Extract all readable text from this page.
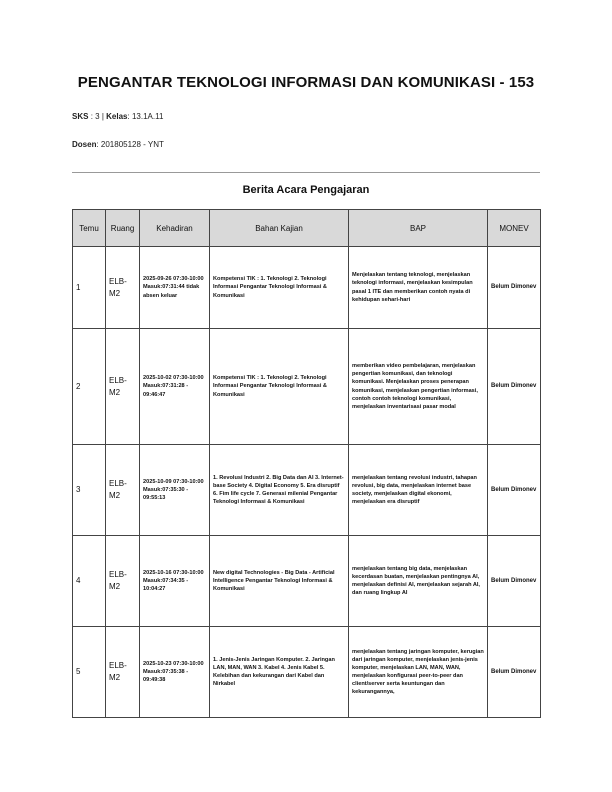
PENGANTAR TEKNOLOGI INFORMASI DAN KOMUNIKASI - 153
SKS : 3 | Kelas: 13.1A.11
Dosen: 201805128 - YNT
Berita Acara Pengajaran
Temu	Ruang	Kehadiran	Bahan Kajian	BAP	MONEV
1	ELB-M2	2025-09-26 07:30-10:00 Masuk:07:31:44 tidak absen keluar	Kompetensi TIK : 1. Teknologi 2. Teknologi Informasi Pengantar Teknologi Informasi & Komunikasi	Menjelaskan tentang teknologi, menjelaskan teknologi informasi, menjelaskan kesimpulan pasal 1 ITE dan memberikan contoh nyata di kehidupan sehari-hari	Belum Dimonev
2	ELB-M2	2025-10-02 07:30-10:00 Masuk:07:31:28 - 09:46:47	Kompetensi TIK : 1. Teknologi 2. Teknologi Informasi Pengantar Teknologi Informasi & Komunikasi	memberikan video pembelajaran, menjelaskan pengertian komunikasi, dan teknologi komunikasi. Menjelaskan proses penerapan komunikasi, menjelaskan pengertian informasi, contoh contoh teknologi komunikasi, menjelaskan inventarisasi pasar modal	Belum Dimonev
3	ELB-M2	2025-10-09 07:30-10:00 Masuk:07:35:30 - 09:55:13	1. Revolusi Industri 2. Big Data dan AI 3. Internet-base Society 4. Digital Economy 5. Era disruptif 6. Fim life cycle 7. Generasi milenial Pengantar Teknologi Informasi & Komunikasi	menjelaskan tentang revolusi industri, tahapan revolusi, big data, menjelaskan internet base society, menjelaskan digital ekonomi, menjelaskan era disruptif	Belum Dimonev
4	ELB-M2	2025-10-16 07:30-10:00 Masuk:07:34:35 - 10:04:27	New digital Technologies - Big Data - Artificial Intelligence Pengantar Teknologi Informasi & Komunikasi	menjelaskan tentang big data, menjelaskan kecerdasan buatan, menjelaskan pentingnya AI, menjelaskan definisi AI, menjelaskan sejarah AI, dan ruang lingkup AI	Belum Dimonev
5	ELB-M2	2025-10-23 07:30-10:00 Masuk:07:35:38 - 09:49:38	1. Jenis-Jenis Jaringan Komputer. 2. Jaringan LAN, MAN, WAN 3. Kabel 4. Jenis Kabel 5. Kelebihan dan kekurangan dari Kabel dan Nirkabel	menjelaskan tentang jaringan komputer, kerugian dari jaringan komputer, menjelaskan jenis-jenis komputer, menjelaskan LAN, MAN, WAN, menjelaskan konfigurasi peer-to-peer dan client/server serta keuntungan dan kekurangannya,	Belum Dimonev
